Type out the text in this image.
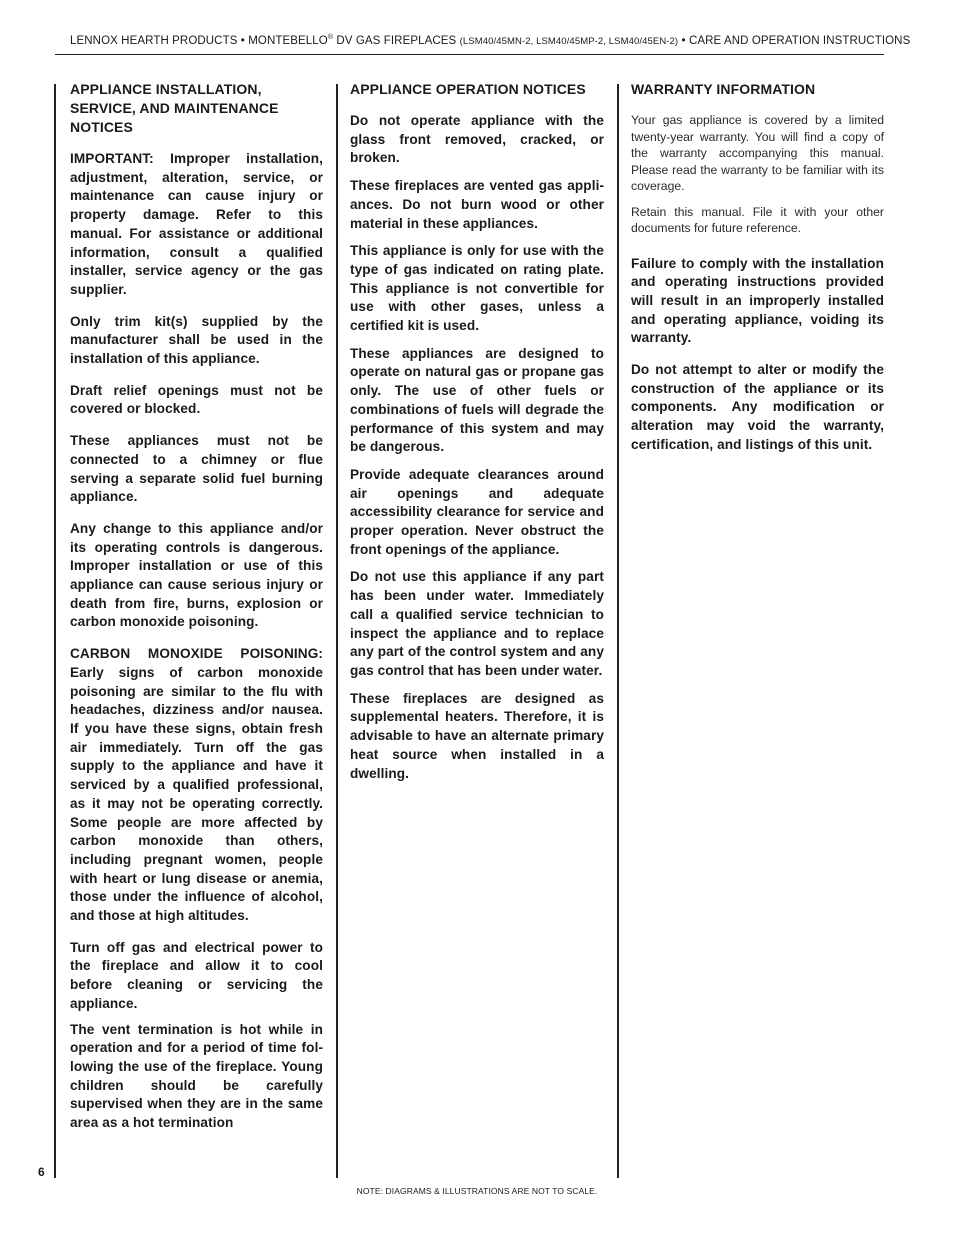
LENNOX HEARTH PRODUCTS • MONTEBELLO® DV GAS FIREPLACES (LSM40/45MN-2, LSM40/45MP-2, LSM40/45EN-2) • CARE AND OPERATION INSTRUCTIONS
APPLIANCE INSTALLATION, SERVICE, AND MAINTENANCE NOTICES

IMPORTANT: Improper installation, adjustment, alteration, service, or maintenance can cause injury or property damage. Refer to this manual. For assistance or additional information, consult a qualified installer, service agency or the gas supplier.

Only trim kit(s) supplied by the manufacturer shall be used in the installation of this appliance.

Draft relief openings must not be covered or blocked.

These appliances must not be connected to a chimney or flue serving a separate solid fuel burning appliance.

Any change to this appliance and/or its operating controls is dangerous. Improper installation or use of this appliance can cause serious injury or death from fire, burns, explosion or carbon monoxide poisoning.

CARBON MONOXIDE POISONING: Early signs of carbon monoxide poisoning are similar to the flu with headaches, dizziness and/or nausea. If you have these signs, obtain fresh air immediately. Turn off the gas supply to the appliance and have it serviced by a qualified professional, as it may not be operating correctly. Some people are more affected by carbon monoxide than others, including pregnant women, people with heart or lung disease or anemia, those under the influence of alcohol, and those at high altitudes.

Turn off gas and electrical power to the fireplace and allow it to cool before cleaning or servicing the appliance.

The vent termination is hot while in operation and for a period of time following the use of the fireplace. Young children should be carefully supervised when they are in the same area as a hot termination

APPLIANCE OPERATION NOTICES

Do not operate appliance with the glass front removed, cracked, or broken.

These fireplaces are vented gas appliances. Do not burn wood or other material in these appliances.

This appliance is only for use with the type of gas indicated on rating plate. This appliance is not convertible for use with other gases, unless a certified kit is used.

These appliances are designed to operate on natural gas or propane gas only. The use of other fuels or combinations of fuels will degrade the performance of this system and may be dangerous.

Provide adequate clearances around air openings and adequate accessibility clearance for service and proper operation. Never obstruct the front openings of the appliance.

Do not use this appliance if any part has been under water. Immediately call a qualified service technician to inspect the appliance and to replace any part of the control system and any gas control that has been under water.

These fireplaces are designed as supplemental heaters. Therefore, it is advisable to have an alternate primary heat source when installed in a dwelling.

WARRANTY INFORMATION

Your gas appliance is covered by a limited twenty-year warranty. You will find a copy of the warranty accompanying this manual. Please read the warranty to be familiar with its coverage.

Retain this manual. File it with your other documents for future reference.

Failure to comply with the installation and operating instructions provided will result in an improperly installed and operating appliance, voiding its warranty.

Do not attempt to alter or modify the construction of the appliance or its components. Any modification or alteration may void the warranty, certification, and listings of this unit.

6
NOTE: DIAGRAMS & ILLUSTRATIONS ARE NOT TO SCALE.
